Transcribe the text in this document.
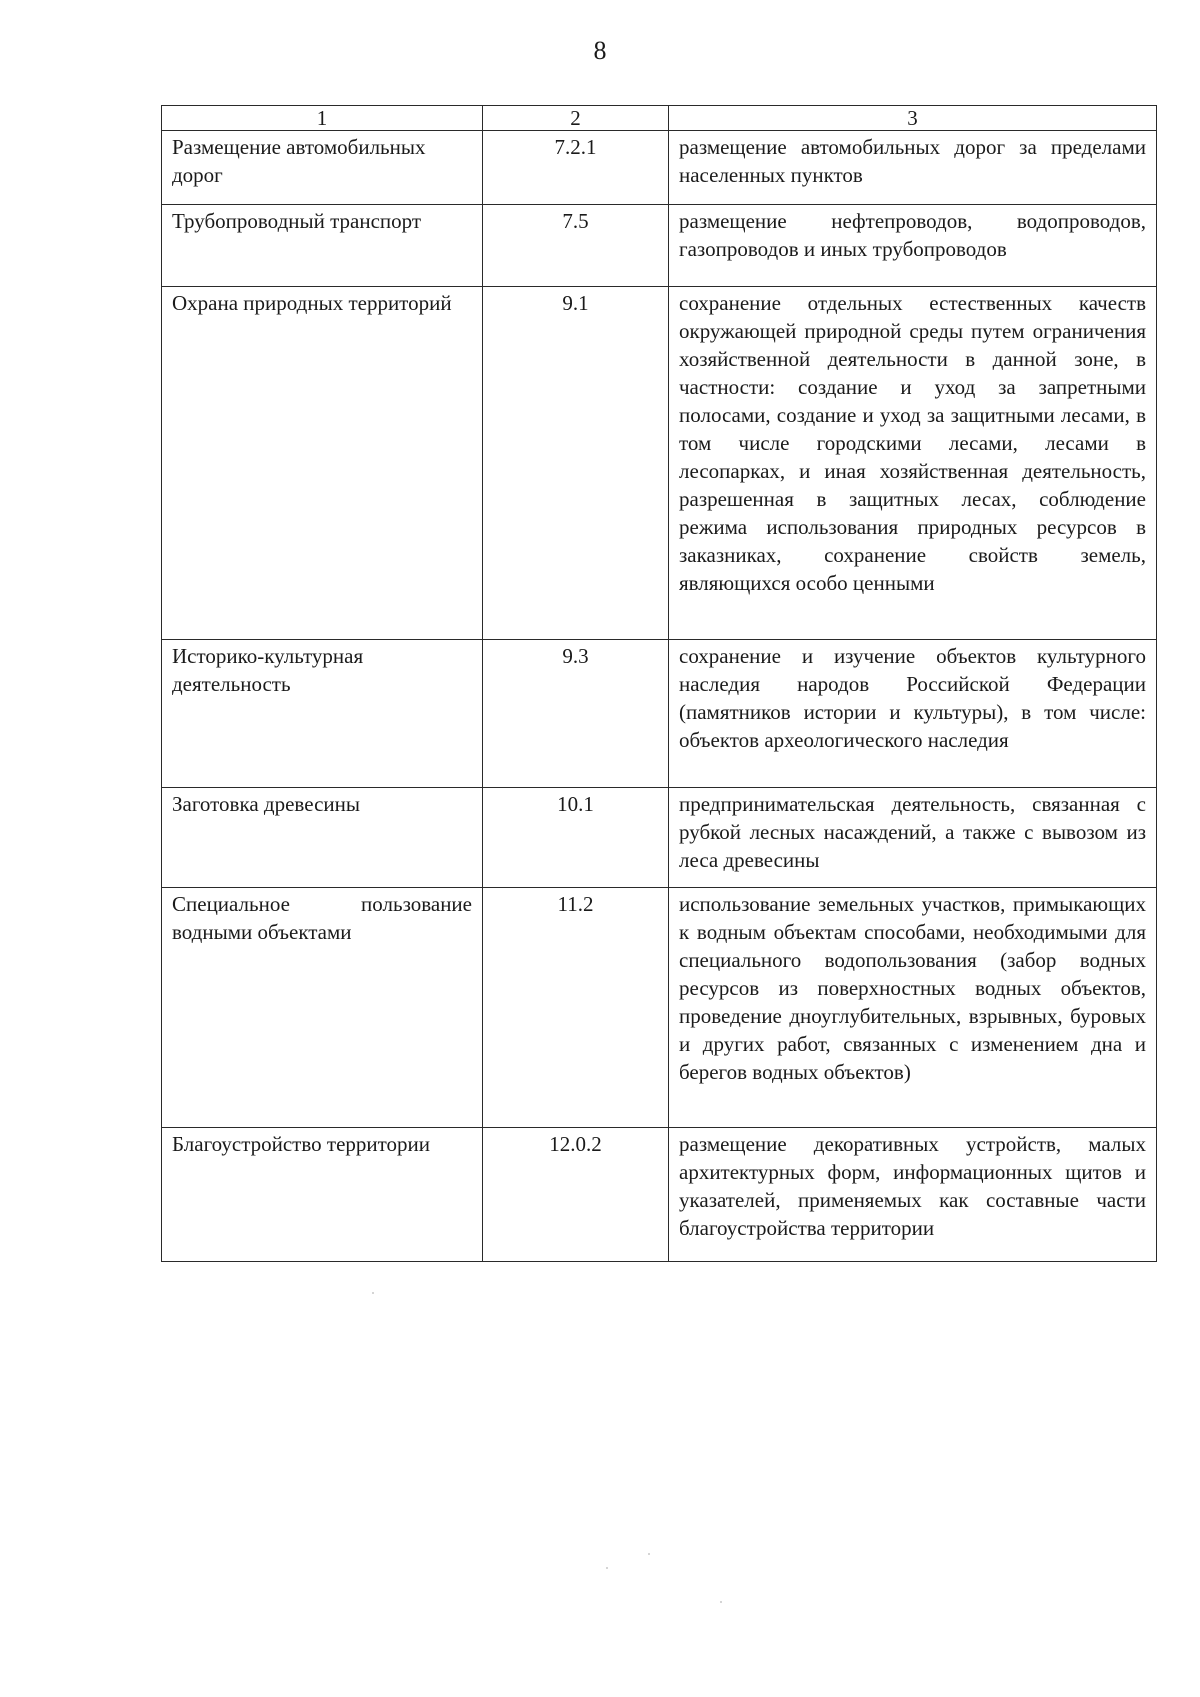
8
1	2	3
Размещение автомобильных дорог	7.2.1	размещение автомобильных дорог за пределами населенных пунктов
Трубопроводный транспорт	7.5	размещение нефтепроводов, водопроводов, газопроводов и иных трубопроводов
Охрана природных территорий	9.1	сохранение отдельных естественных качеств окружающей природной среды путем ограничения хозяйственной деятельности в данной зоне, в частности: создание и уход за запретными полосами, создание и уход за защитными лесами, в том числе городскими лесами, лесами в лесопарках, и иная хозяйственная деятельность, разрешенная в защитных лесах, соблюдение режима использования природных ресурсов в заказниках, сохранение свойств земель, являющихся особо ценными
Историко-культурная деятельность	9.3	сохранение и изучение объектов культурного наследия народов Российской Федерации (памятников истории и культуры), в том числе: объектов археологического наследия
Заготовка древесины	10.1	предпринимательская деятельность, связанная с рубкой лесных насаждений, а также с вывозом из леса древесины
Специальное пользование водными объектами	11.2	использование земельных участков, примыкающих к водным объектам способами, необходимыми для специального водопользования (забор водных ресурсов из поверхностных водных объектов, проведение дноуглубительных, взрывных, буровых и других работ, связанных с изменением дна и берегов водных объектов)
Благоустройство территории	12.0.2	размещение декоративных устройств, малых архитектурных форм, информационных щитов и указателей, применяемых как составные части благоустройства территории
